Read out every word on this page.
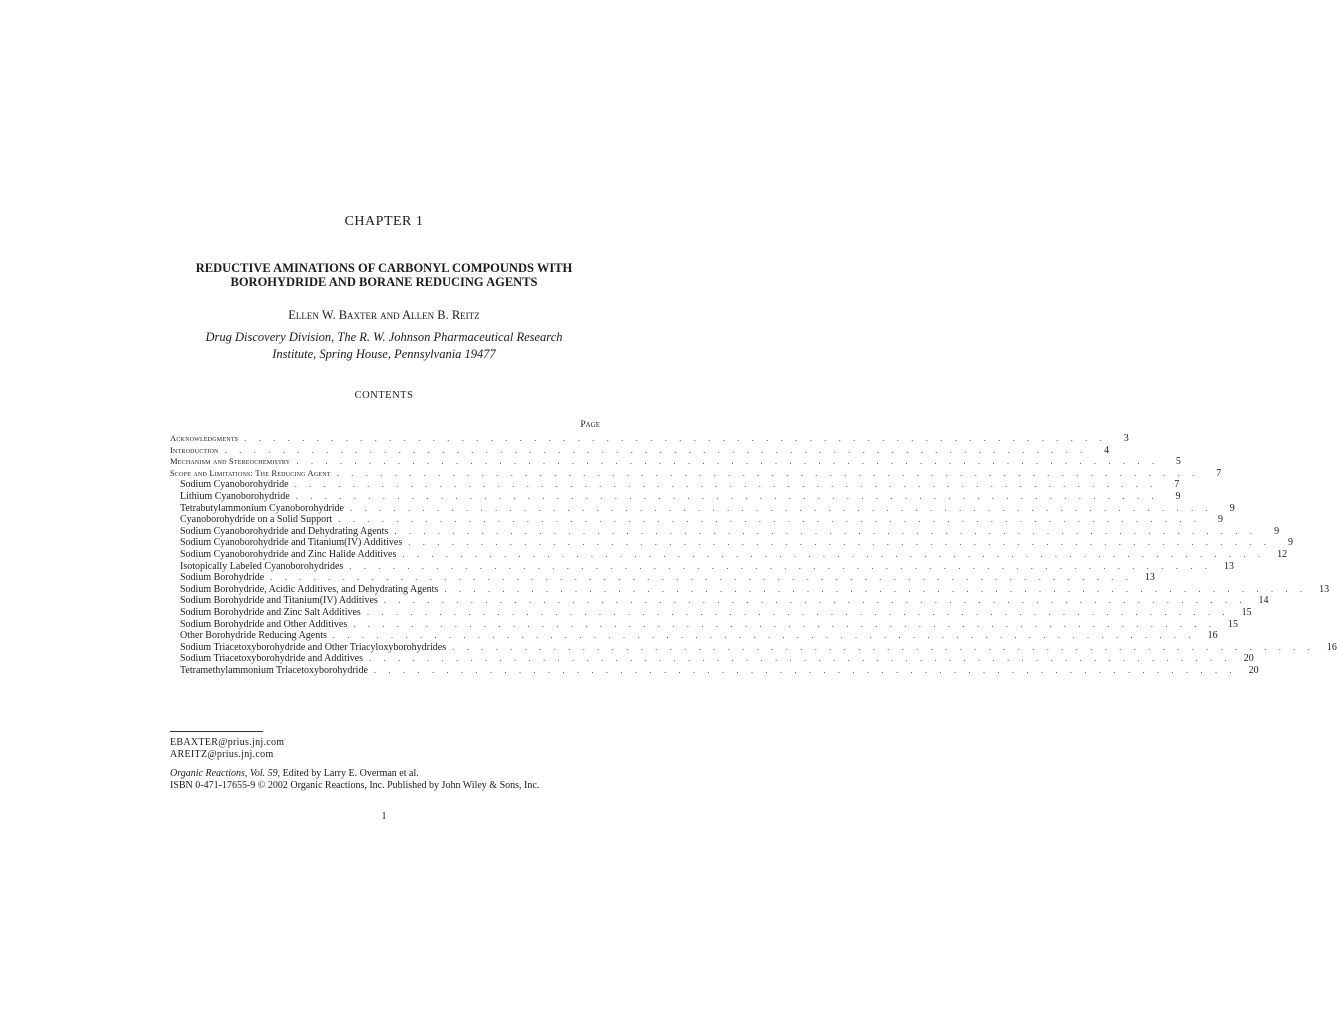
CHAPTER 1
REDUCTIVE AMINATIONS OF CARBONYL COMPOUNDS WITH
BOROHYDRIDE AND BORANE REDUCING AGENTS
Ellen W. Baxter and Allen B. Reitz
Drug Discovery Division, The R. W. Johnson Pharmaceutical Research
Institute, Spring House, Pennsylvania 19477
CONTENTS
Page
Acknowledgments . . . . . . . . . . . . . . . . . . . . . . . . . . . . . . . . . . . . . . . . . . . . . . . . . . . . . . . . . . . .	3
Introduction . . . . . . . . . . . . . . . . . . . . . . . . . . . . . . . . . . . . . . . . . . . . . . . . . . . . . . . . . . . .	4
Mechanism and Stereochemistry . . . . . . . . . . . . . . . . . . . . . . . . . . . . . . . . . . . . . . . . . . . . . . . . . . . . . . . . . . . .	5
Scope and Limitations: The Reducing Agent . . . . . . . . . . . . . . . . . . . . . . . . . . . . . . . . . . . . . . . . . . . . . . . . . . . . . . . . . . . .	7
Sodium Cyanoborohydride . . . . . . . . . . . . . . . . . . . . . . . . . . . . . . . . . . . . . . . . . . . . . . . . . . . . . . . . . . . .	7
Lithium Cyanoborohydride . . . . . . . . . . . . . . . . . . . . . . . . . . . . . . . . . . . . . . . . . . . . . . . . . . . . . . . . . . . .	9
Tetrabutylammonium Cyanoborohydride . . . . . . . . . . . . . . . . . . . . . . . . . . . . . . . . . . . . . . . . . . . . . . . . . . . . . . . . . . . .	9
Cyanoborohydride on a Solid Support . . . . . . . . . . . . . . . . . . . . . . . . . . . . . . . . . . . . . . . . . . . . . . . . . . . . . . . . . . . .	9
Sodium Cyanoborohydride and Dehydrating Agents . . . . . . . . . . . . . . . . . . . . . . . . . . . . . . . . . . . . . . . . . . . . . . . . . . . . . . . . . . . .	9
Sodium Cyanoborohydride and Titanium(IV) Additives . . . . . . . . . . . . . . . . . . . . . . . . . . . . . . . . . . . . . . . . . . . . . . . . . . . . . . . . . . . .	9
Sodium Cyanoborohydride and Zinc Halide Additives . . . . . . . . . . . . . . . . . . . . . . . . . . . . . . . . . . . . . . . . . . . . . . . . . . . . . . . . . . . .	12
Isotopically Labeled Cyanoborohydrides . . . . . . . . . . . . . . . . . . . . . . . . . . . . . . . . . . . . . . . . . . . . . . . . . . . . . . . . . . . .	13
Sodium Borohydride . . . . . . . . . . . . . . . . . . . . . . . . . . . . . . . . . . . . . . . . . . . . . . . . . . . . . . . . . . . .	13
Sodium Borohydride, Acidic Additives, and Dehydrating Agents . . . . . . . . . . . . . . . . . . . . . . . . . . . . . . . . . . . . . . . . . . . . . . . . . . . . . . . . . . . .	13
Sodium Borohydride and Titanium(IV) Additives . . . . . . . . . . . . . . . . . . . . . . . . . . . . . . . . . . . . . . . . . . . . . . . . . . . . . . . . . . . .	14
Sodium Borohydride and Zinc Salt Additives . . . . . . . . . . . . . . . . . . . . . . . . . . . . . . . . . . . . . . . . . . . . . . . . . . . . . . . . . . . .	15
Sodium Borohydride and Other Additives . . . . . . . . . . . . . . . . . . . . . . . . . . . . . . . . . . . . . . . . . . . . . . . . . . . . . . . . . . . .	15
Other Borohydride Reducing Agents . . . . . . . . . . . . . . . . . . . . . . . . . . . . . . . . . . . . . . . . . . . . . . . . . . . . . . . . . . . .	16
Sodium Triacetoxyborohydride and Other Triacyloxyborohydrides . . . . . . . . . . . . . . . . . . . . . . . . . . . . . . . . . . . . . . . . . . . . . . . . . . . . . . . . . . . .	16
Sodium Triacetoxyborohydride and Additives . . . . . . . . . . . . . . . . . . . . . . . . . . . . . . . . . . . . . . . . . . . . . . . . . . . . . . . . . . . .	20
Tetramethylammonium Triacetoxyborohydride . . . . . . . . . . . . . . . . . . . . . . . . . . . . . . . . . . . . . . . . . . . . . . . . . . . . . . . . . . . .	20
EBAXTER@prius.jnj.com
AREITZ@prius.jnj.com
Organic Reactions, Vol. 59, Edited by Larry E. Overman et al.
ISBN 0-471-17655-9 © 2002 Organic Reactions, Inc. Published by John Wiley & Sons, Inc.
1
